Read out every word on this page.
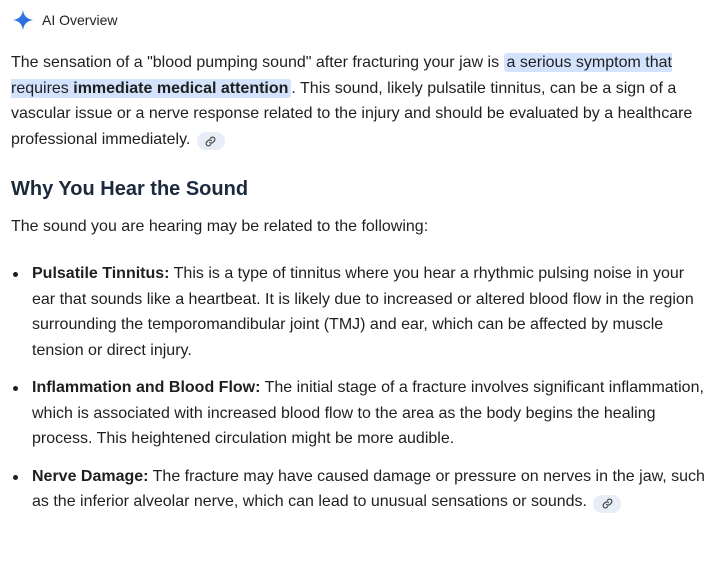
AI Overview

The sensation of a "blood pumping sound" after fracturing your jaw is a serious symptom that requires immediate medical attention . This sound, likely pulsatile tinnitus, can be a sign of a vascular issue or a nerve response related to the injury and should be evaluated by a healthcare professional immediately.

Why You Hear the Sound

The sound you are hearing may be related to the following:

Pulsatile Tinnitus: This is a type of tinnitus where you hear a rhythmic pulsing noise in your ear that sounds like a heartbeat. It is likely due to increased or altered blood flow in the region surrounding the temporomandibular joint (TMJ) and ear, which can be affected by muscle tension or direct injury.
Inflammation and Blood Flow: The initial stage of a fracture involves significant inflammation, which is associated with increased blood flow to the area as the body begins the healing process. This heightened circulation might be more audible.
Nerve Damage: The fracture may have caused damage or pressure on nerves in the jaw, such as the inferior alveolar nerve, which can lead to unusual sensations or sounds.
